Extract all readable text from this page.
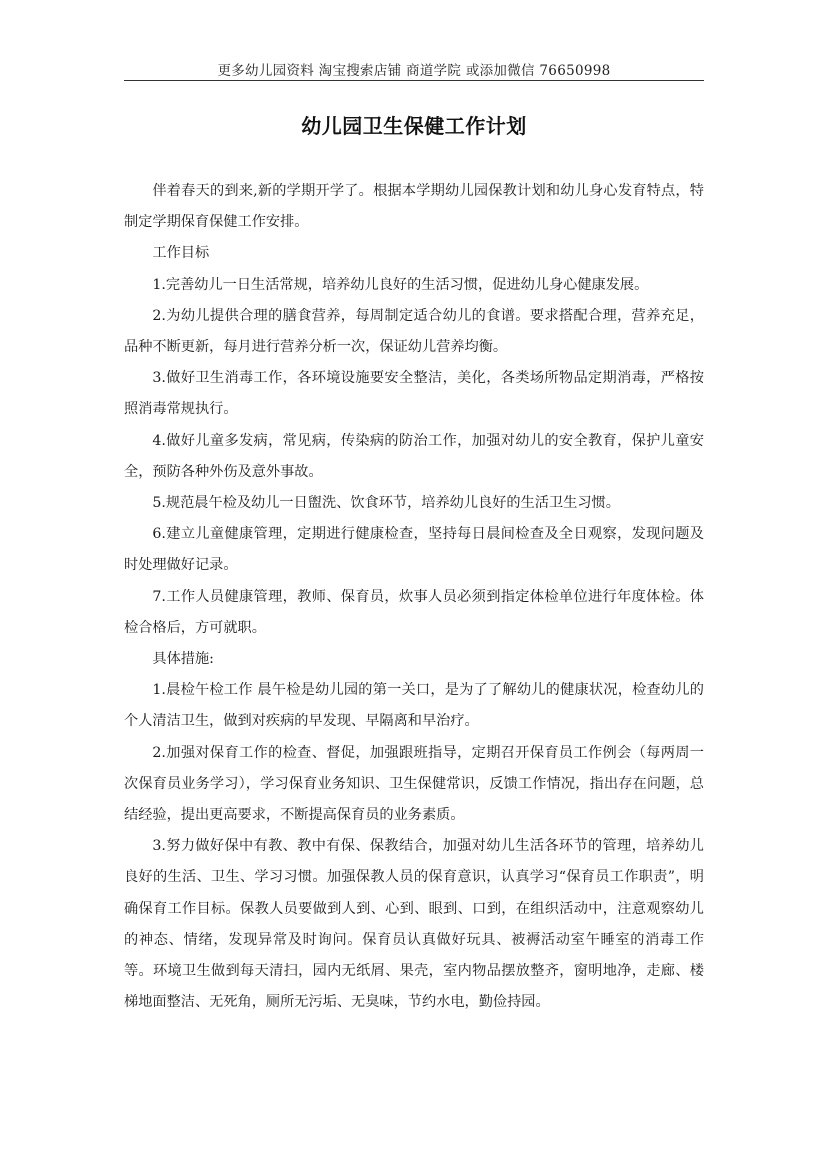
更多幼儿园资料 淘宝搜索店铺 商道学院 或添加微信 76650998
幼儿园卫生保健工作计划

伴着春天的到来,新的学期开学了。根据本学期幼儿园保教计划和幼儿身心发育特点，特制定学期保育保健工作安排。

工作目标

1.完善幼儿一日生活常规，培养幼儿良好的生活习惯，促进幼儿身心健康发展。

2.为幼儿提供合理的膳食营养，每周制定适合幼儿的食谱。要求搭配合理，营养充足，品种不断更新，每月进行营养分析一次，保证幼儿营养均衡。

3.做好卫生消毒工作，各环境设施要安全整洁，美化，各类场所物品定期消毒，严格按照消毒常规执行。

4.做好儿童多发病，常见病，传染病的防治工作，加强对幼儿的安全教育，保护儿童安全，预防各种外伤及意外事故。

5.规范晨午检及幼儿一日盥洗、饮食环节，培养幼儿良好的生活卫生习惯。

6.建立儿童健康管理，定期进行健康检查，坚持每日晨间检查及全日观察，发现问题及时处理做好记录。

7.工作人员健康管理，教师、保育员，炊事人员必须到指定体检单位进行年度体检。体检合格后，方可就职。

具体措施:

1.晨检午检工作 晨午检是幼儿园的第一关口，是为了了解幼儿的健康状况，检查幼儿的个人清洁卫生，做到对疾病的早发现、早隔离和早治疗。

2.加强对保育工作的检查、督促，加强跟班指导，定期召开保育员工作例会（每两周一次保育员业务学习），学习保育业务知识、卫生保健常识，反馈工作情况，指出存在问题，总结经验，提出更高要求，不断提高保育员的业务素质。

3.努力做好保中有教、教中有保、保教结合，加强对幼儿生活各环节的管理，培养幼儿良好的生活、卫生、学习习惯。加强保教人员的保育意识，认真学习“保育员工作职责”，明确保育工作目标。保教人员要做到人到、心到、眼到、口到，在组织活动中，注意观察幼儿的神态、情绪，发现异常及时询问。保育员认真做好玩具、被褥活动室午睡室的消毒工作等。环境卫生做到每天清扫，园内无纸屑、果壳，室内物品摆放整齐，窗明地净，走廊、楼梯地面整洁、无死角，厕所无污垢、无臭味，节约水电，勤俭持园。
